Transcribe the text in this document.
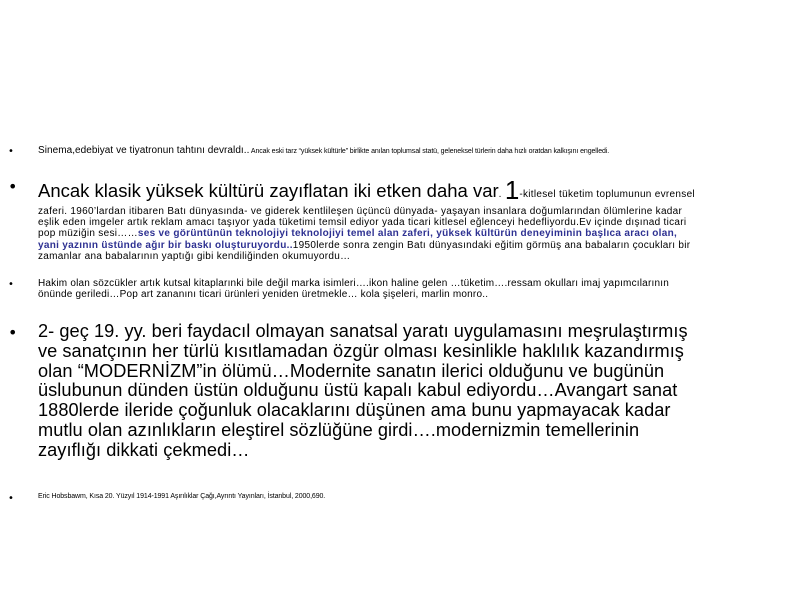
• Sinema,edebiyat ve tiyatronun tahtını devraldı.. Ancak eski tarz “yüksek kültürle” birlikte anılan toplumsal statü, geleneksel türlerin daha hızlı oratdan kalkışını engelledi.
• Ancak klasik yüksek kültürü zayıflatan iki etken daha var. 1-kitlesel tüketim toplumunun evrensel zaferi. 1960’lardan itibaren Batı dünyasında- ve giderek kentlileşen üçüncü dünyada- yaşayan insanlara doğumlarından ölümlerine kadar eşlik eden imgeler artık reklam amacı taşıyor yada tüketimi temsil ediyor yada ticari kitlesel eğlenceyi hedefliyordu.Ev içinde dışınad ticari pop müziğin sesi……ses ve görüntünün teknolojiyi teknolojiyi temel alan zaferi, yüksek kültürün deneyiminin başlıca aracı olan, yani yazının üstünde ağır bir baskı oluşturuyordu..1950lerde sonra zengin Batı dünyasındaki eğitim görmüş ana babaların çocukları bir zamanlar ana babalarının yaptığı gibi kendiliğinden okumuyordu…
• Hakim olan sözcükler artık kutsal kitaplarınki bile değil marka isimleri….ikon haline gelen …tüketim….ressam okulları imaj yapımcılarının önünde geriledi…Pop art zananını ticari ürünleri yeniden üretmekle… kola şişeleri, marlin monro..
• 2- geç 19. yy. beri faydacıl olmayan sanatsal yaratı uygulamasını meşrulaştırmış ve sanatçının her türlü kısıtlamadan özgür olması kesinlikle haklılık kazandırmış olan “MODERNİZM”in ölümü…Modernite sanatın ilerici olduğunu ve bugünün üslubunun dünden üstün olduğunu üstü kapalı kabul ediyordu…Avangart sanat 1880lerde ileride çoğunluk olacaklarını düşünen ama bunu yapmayacak kadar mutlu olan azınlıkların eleştirel sözlüğüne girdi….modernizmin temellerinin zayıflığı dikkati çekmedi…
•	Eric Hobsbawm, Kısa 20. Yüzyıl 1914-1991 Aşırılıklar Çağı,Ayrıntı Yayınları, İstanbul, 2000,690.
